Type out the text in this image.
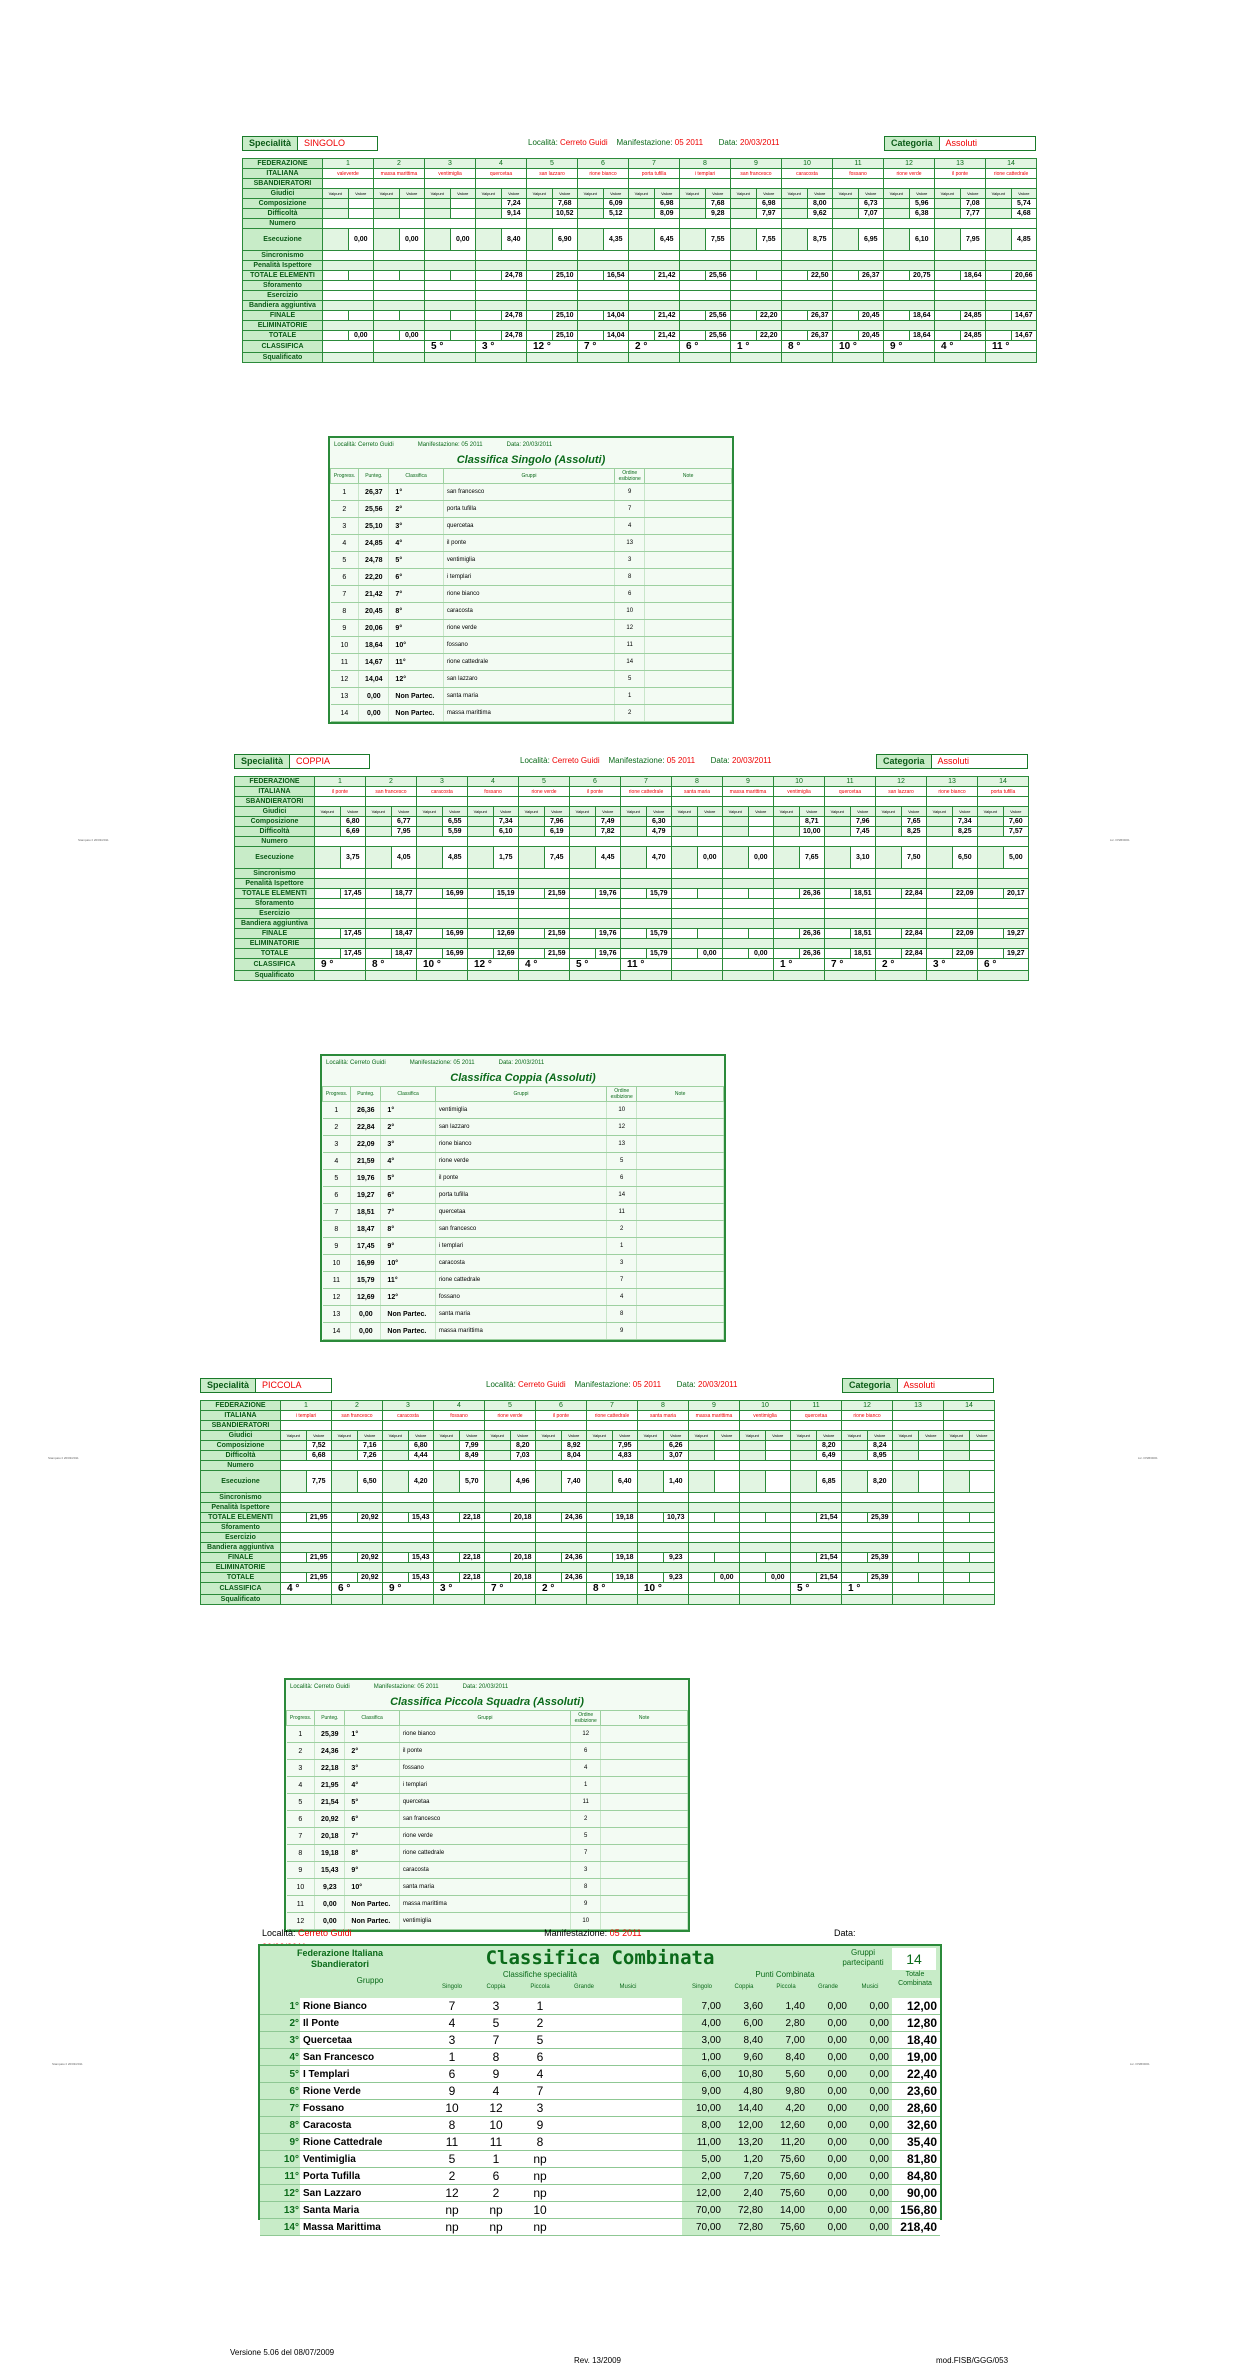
Specialità SINGOLO	Località: Cerreto Guidi Manifestazione: 05 2011 Data: 20/03/2011	Categoria Assoluti
FEDERAZIONE	1		2		3		4		5		6		7		8		9		10		11		12		13		14	
ITALIANA	valeverde		massa marittima		ventimiglia		quercetaa		san lazzaro		rione bianco		porta tufilla		i templari		san francesco		caracosta		fossano		rione verde		il ponte		rione cattedrale	
SBANDIERATORI																												
Giudici	Valpunt	Valore	Valpunt	Valore	Valpunt	Valore	Valpunt	Valore	Valpunt	Valore	Valpunt	Valore	Valpunt	Valore	Valpunt	Valore	Valpunt	Valore	Valpunt	Valore	Valpunt	Valore	Valpunt	Valore	Valpunt	Valore	Valpunt	Valore
Composizione								7,24		7,68		6,09		6,98		7,68		6,98		8,00		6,73		5,96		7,08		5,74
Difficoltà								9,14		10,52		5,12		8,09		9,28		7,97		9,62		7,07		6,38		7,77		4,68
Numero																												
Esecuzione		0,00		0,00		0,00		8,40		6,90		4,35		6,45		7,55		7,55		8,75		6,95		6,10		7,95		4,85
Sincronismo																												
Penalità Ispettore																												
TOTALE ELEMENTI								24,78		25,10		16,54		21,42		25,56				22,50		26,37		20,75		18,64		20,66
Sforamento																												
Esercizio																												
Bandiera aggiuntiva																												
FINALE								24,78		25,10		14,04		21,42		25,56		22,20		26,37		20,45		18,64		24,85		14,67
ELIMINATORIE																												
TOTALE		0,00		0,00				24,78		25,10		14,04		21,42		25,56		22,20		26,37		20,45		18,64		24,85		14,67
CLASSIFICA					5 °		3 °		12 °		7 °		2 °		6 °		1 °		8 °		10 °		9 °		4 °		11 °	
Squalificato																												
Località: Cerreto Guidi	Manifestazione: 05 2011	Data: 20/03/2011
Classifica Singolo (Assoluti)
Progress.	Punteg.	Classifica	Gruppi	Ordine esibizione	Note
1	26,37	1°	san francesco	9	
2	25,56	2°	porta tufilla	7	
3	25,10	3°	quercetaa	4	
4	24,85	4°	il ponte	13	
5	24,78	5°	ventimiglia	3	
6	22,20	6°	i templari	8	
7	21,42	7°	rione bianco	6	
8	20,45	8°	caracosta	10	
9	20,06	9°	rione verde	12	
10	18,64	10°	fossano	11	
11	14,67	11°	rione cattedrale	14	
12	14,04	12°	san lazzaro	5	
13	0,00	Non Partec.	santa maria	1	
14	0,00	Non Partec.	massa marittima	2	
Stampato il 20/03/2011	Lic. FISB/0001
Specialità COPPIA	Località: Cerreto Guidi Manifestazione: 05 2011 Data: 20/03/2011	Categoria Assoluti
FEDERAZIONE	1		2		3		4		5		6		7		8		9		10		11		12		13		14	
ITALIANA	il ponte		san francesco		caracosta		fossano		rione verde		il ponte		rione cattedrale		santa maria		massa marittima		ventimiglia		quercetaa		san lazzaro		rione bianco		porta tufilla	
SBANDIERATORI																												
Giudici	Valpunt	Valore	Valpunt	Valore	Valpunt	Valore	Valpunt	Valore	Valpunt	Valore	Valpunt	Valore	Valpunt	Valore	Valpunt	Valore	Valpunt	Valore	Valpunt	Valore	Valpunt	Valore	Valpunt	Valore	Valpunt	Valore	Valpunt	Valore
Composizione		6,80		6,77		6,55		7,34		7,96		7,49		6,30						8,71		7,96		7,65		7,34		7,60
Difficoltà		6,69		7,95		5,59		6,10		6,19		7,82		4,79						10,00		7,45		8,25		8,25		7,57
Numero																												
Esecuzione		3,75		4,05		4,85		1,75		7,45		4,45		4,70		0,00		0,00		7,65		3,10		7,50		6,50		5,00
Sincronismo																												
Penalità Ispettore																												
TOTALE ELEMENTI		17,45		18,77		16,99		15,19		21,59		19,76		15,79						26,36		18,51		22,84		22,09		20,17
Sforamento																												
Esercizio																												
Bandiera aggiuntiva																												
FINALE		17,45		18,47		16,99		12,69		21,59		19,76		15,79						26,36		18,51		22,84		22,09		19,27
ELIMINATORIE																												
TOTALE		17,45		18,47		16,99		12,69		21,59		19,76		15,79		0,00		0,00		26,36		18,51		22,84		22,09		19,27
CLASSIFICA	9 °		8 °		10 °		12 °		4 °		5 °		11 °						1 °		7 °		2 °		3 °		6 °	
Squalificato																												
Località: Cerreto Guidi	Manifestazione: 05 2011	Data: 20/03/2011
Classifica Coppia (Assoluti)
Progress.	Punteg.	Classifica	Gruppi	Ordine esibizione	Note
1	26,36	1°	ventimiglia	10	
2	22,84	2°	san lazzaro	12	
3	22,09	3°	rione bianco	13	
4	21,59	4°	rione verde	5	
5	19,76	5°	il ponte	6	
6	19,27	6°	porta tufilla	14	
7	18,51	7°	quercetaa	11	
8	18,47	8°	san francesco	2	
9	17,45	9°	i templari	1	
10	16,99	10°	caracosta	3	
11	15,79	11°	rione cattedrale	7	
12	12,69	12°	fossano	4	
13	0,00	Non Partec.	santa maria	8	
14	0,00	Non Partec.	massa marittima	9	
Stampato il 20/03/2011	Lic. FISB/0001
Specialità PICCOLA	Località: Cerreto Guidi Manifestazione: 05 2011 Data: 20/03/2011	Categoria Assoluti
FEDERAZIONE	1		2		3		4		5		6		7		8		9		10		11		12		13		14	
ITALIANA	i templari		san francesco		caracosta		fossano		rione verde		il ponte		rione cattedrale		santa maria		massa marittima		ventimiglia		quercetaa		rione bianco					
SBANDIERATORI																												
Giudici	Valpunt	Valore	Valpunt	Valore	Valpunt	Valore	Valpunt	Valore	Valpunt	Valore	Valpunt	Valore	Valpunt	Valore	Valpunt	Valore	Valpunt	Valore	Valpunt	Valore	Valpunt	Valore	Valpunt	Valore	Valpunt	Valore	Valpunt	Valore
Composizione		7,52		7,16		6,80		7,99		8,20		8,92		7,95		6,26						8,20		8,24				
Difficoltà		6,68		7,26		4,44		8,49		7,03		8,04		4,83		3,07						6,49		8,95				
Numero																												
Esecuzione		7,75		6,50		4,20		5,70		4,96		7,40		6,40		1,40						6,85		8,20				
Sincronismo																												
Penalità Ispettore																												
TOTALE ELEMENTI		21,95		20,92		15,43		22,18		20,18		24,36		19,18		10,73						21,54		25,39				
Sforamento																												
Esercizio																												
Bandiera aggiuntiva																												
FINALE		21,95		20,92		15,43		22,18		20,18		24,36		19,18		9,23						21,54		25,39				
ELIMINATORIE																												
TOTALE		21,95		20,92		15,43		22,18		20,18		24,36		19,18		9,23		0,00		0,00		21,54		25,39				
CLASSIFICA	4 °		6 °		9 °		3 °		7 °		2 °		8 °		10 °						5 °		1 °					
Squalificato																												
Località: Cerreto Guidi	Manifestazione: 05 2011	Data: 20/03/2011
Classifica Piccola Squadra (Assoluti)
Progress.	Punteg.	Classifica	Gruppi	Ordine esibizione	Note
1	25,39	1°	rione bianco	12	
2	24,36	2°	il ponte	6	
3	22,18	3°	fossano	4	
4	21,95	4°	i templari	1	
5	21,54	5°	quercetaa	11	
6	20,92	6°	san francesco	2	
7	20,18	7°	rione verde	5	
8	19,18	8°	rione cattedrale	7	
9	15,43	9°	caracosta	3	
10	9,23	10°	santa maria	8	
11	0,00	Non Partec.	massa marittima	9	
12	0,00	Non Partec.	ventimiglia	10	
Stampato il 20/03/2011	Lic. FISB/0001
Località: Cerreto Guidi	Manifestazione: 05 2011	Data:
Federazione Italiana
Sbandieratori	Classifica Combinata	Gruppi partecipanti	14
Gruppo
Classifiche specialità	Punti Combinata	Totale Combinata
Singolo	Singolo
Coppia	Coppia
Piccola	Piccola
Grande	Grande
Musici	Musici
1°	Rione Bianco	7	3	1				7,00	3,60	1,40	0,00	0,00	12,00
2°	Il Ponte	4	5	2				4,00	6,00	2,80	0,00	0,00	12,80
3°	Quercetaa	3	7	5				3,00	8,40	7,00	0,00	0,00	18,40
4°	San Francesco	1	8	6				1,00	9,60	8,40	0,00	0,00	19,00
5°	I Templari	6	9	4				6,00	10,80	5,60	0,00	0,00	22,40
6°	Rione Verde	9	4	7				9,00	4,80	9,80	0,00	0,00	23,60
7°	Fossano	10	12	3				10,00	14,40	4,20	0,00	0,00	28,60
8°	Caracosta	8	10	9				8,00	12,00	12,60	0,00	0,00	32,60
9°	Rione Cattedrale	11	11	8				11,00	13,20	11,20	0,00	0,00	35,40
10°	Ventimiglia	5	1	np				5,00	1,20	75,60	0,00	0,00	81,80
11°	Porta Tufilla	2	6	np				2,00	7,20	75,60	0,00	0,00	84,80
12°	San Lazzaro	12	2	np				12,00	2,40	75,60	0,00	0,00	90,00
13°	Santa Maria	np	np	10				70,00	72,80	14,00	0,00	0,00	156,80
14°	Massa Marittima	np	np	np				70,00	72,80	75,60	0,00	0,00	218,40
Versione 5.06 del 08/07/2009
Rev. 13/2009	mod.FISB/GGG/053
